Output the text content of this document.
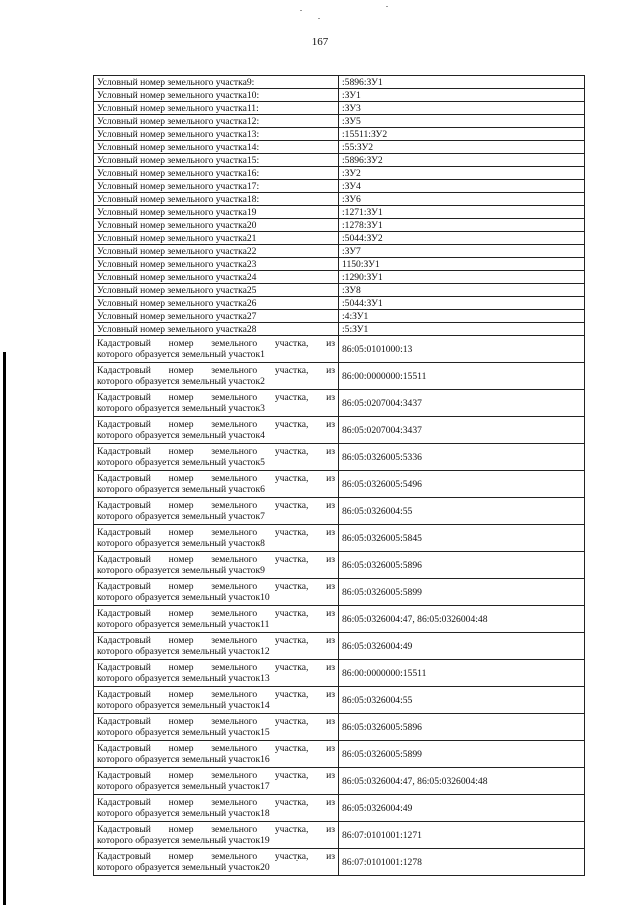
167
Условный номер земельного участка9:	:5896:ЗУ1
Условный номер земельного участка10:	:ЗУ1
Условный номер земельного участка11:	:ЗУ3
Условный номер земельного участка12:	:ЗУ5
Условный номер земельного участка13:	:15511:ЗУ2
Условный номер земельного участка14:	:55:ЗУ2
Условный номер земельного участка15:	:5896:ЗУ2
Условный номер земельного участка16:	:ЗУ2
Условный номер земельного участка17:	:ЗУ4
Условный номер земельного участка18:	:ЗУ6
Условный номер земельного участка19	:1271:ЗУ1
Условный номер земельного участка20	:1278:ЗУ1
Условный номер земельного участка21	:5044:ЗУ2
Условный номер земельного участка22	:ЗУ7
Условный номер земельного участка23	1150:ЗУ1
Условный номер земельного участка24	:1290:ЗУ1
Условный номер земельного участка25	:ЗУ8
Условный номер земельного участка26	:5044:ЗУ1
Условный номер земельного участка27	:4:ЗУ1
Условный номер земельного участка28	:5:ЗУ1
Кадастровый номер земельного участка, из
которого образуется земельный участок1	86:05:0101000:13
Кадастровый номер земельного участка, из
которого образуется земельный участок2	86:00:0000000:15511
Кадастровый номер земельного участка, из
которого образуется земельный участок3	86:05:0207004:3437
Кадастровый номер земельного участка, из
которого образуется земельный участок4	86:05:0207004:3437
Кадастровый номер земельного участка, из
которого образуется земельный участок5	86:05:0326005:5336
Кадастровый номер земельного участка, из
которого образуется земельный участок6	86:05:0326005:5496
Кадастровый номер земельного участка, из
которого образуется земельный участок7	86:05:0326004:55
Кадастровый номер земельного участка, из
которого образуется земельный участок8	86:05:0326005:5845
Кадастровый номер земельного участка, из
которого образуется земельный участок9	86:05:0326005:5896
Кадастровый номер земельного участка, из
которого образуется земельный участок10	86:05:0326005:5899
Кадастровый номер земельного участка, из
которого образуется земельный участок11	86:05:0326004:47, 86:05:0326004:48
Кадастровый номер земельного участка, из
которого образуется земельный участок12	86:05:0326004:49
Кадастровый номер земельного участка, из
которого образуется земельный участок13	86:00:0000000:15511
Кадастровый номер земельного участка, из
которого образуется земельный участок14	86:05:0326004:55
Кадастровый номер земельного участка, из
которого образуется земельный участок15	86:05:0326005:5896
Кадастровый номер земельного участка, из
которого образуется земельный участок16	86:05:0326005:5899
Кадастровый номер земельного участка, из
которого образуется земельный участок17	86:05:0326004:47, 86:05:0326004:48
Кадастровый номер земельного участка, из
которого образуется земельный участок18	86:05:0326004:49
Кадастровый номер земельного участка, из
которого образуется земельный участок19	86:07:0101001:1271
Кадастровый номер земельного участка, из
которого образуется земельный участок20	86:07:0101001:1278
